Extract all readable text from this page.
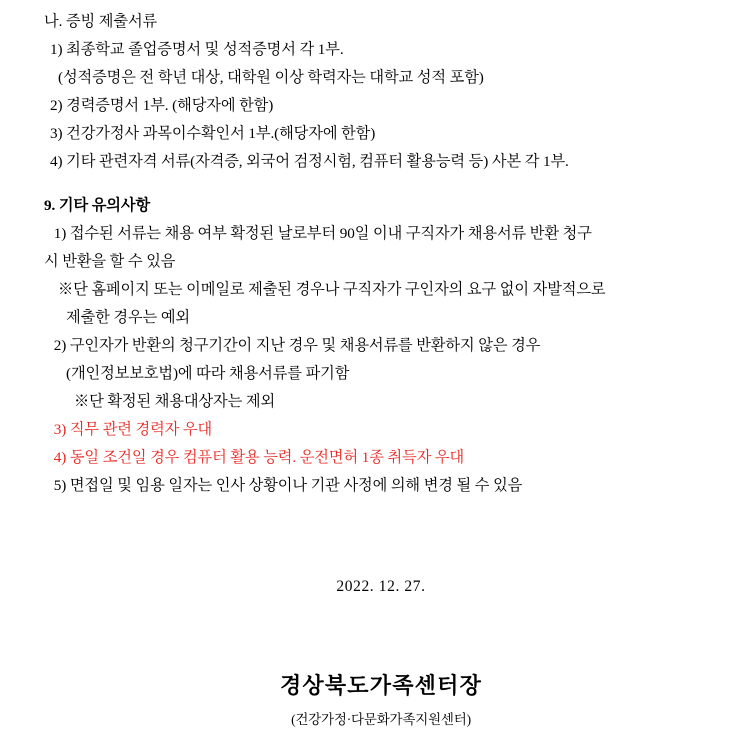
나. 증빙 제출서류
1) 최종학교 졸업증명서 및 성적증명서 각 1부.
(성적증명은 전 학년 대상, 대학원 이상 학력자는 대학교 성적 포함)
2) 경력증명서 1부. (해당자에 한함)
3) 건강가정사 과목이수확인서 1부.(해당자에 한함)
4) 기타 관련자격 서류(자격증, 외국어 검정시험, 컴퓨터 활용능력 등) 사본 각 1부.
9. 기타 유의사항
1) 접수된 서류는 채용 여부 확정된 날로부터 90일 이내 구직자가 채용서류 반환 청구
시 반환을 할 수 있음
※단 홈페이지 또는 이메일로 제출된 경우나 구직자가 구인자의 요구 없이 자발적으로
제출한 경우는 예외
2) 구인자가 반환의 청구기간이 지난 경우 및 채용서류를 반환하지 않은 경우
(개인정보보호법)에 따라 채용서류를 파기함
※단 확정된 채용대상자는 제외
3) 직무 관련 경력자 우대
4) 동일 조건일 경우 컴퓨터 활용 능력. 운전면허 1종 취득자 우대
5) 면접일 및 임용 일자는 인사 상황이나 기관 사정에 의해 변경 될 수 있음
2022. 12. 27.
경상북도가족센터장
(건강가정·다문화가족지원센터)
